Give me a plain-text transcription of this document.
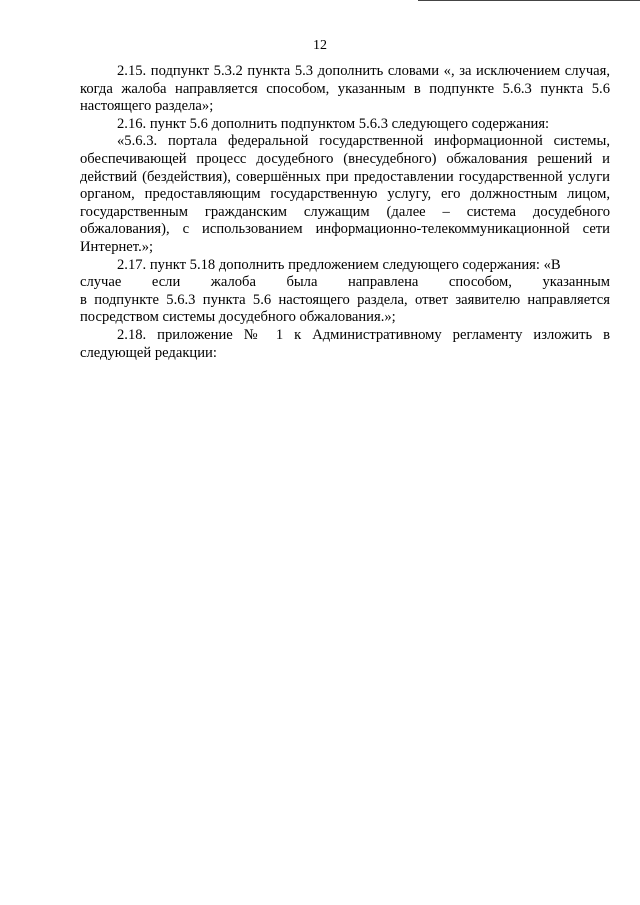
12

2.15. подпункт 5.3.2 пункта 5.3 дополнить словами «, за исключением случая, когда жалоба направляется способом, указанным в подпункте 5.6.3 пункта 5.6 настоящего раздела»;

2.16. пункт 5.6 дополнить подпунктом 5.6.3 следующего содержания:

«5.6.3. портала федеральной государственной информационной системы, обеспечивающей процесс досудебного (внесудебного) обжалования решений и действий (бездействия), совершённых при предоставлении государственной услуги органом, предоставляющим государственную услугу, его должностным лицом, государственным гражданским служащим (далее – система досудебного обжалования), с использованием информационно-телекоммуникационной сети Интернет.»;

2.17. пункт 5.18 дополнить предложением следующего содержания: «В
случае если жалоба была направлена способом, указанным
в подпункте 5.6.3 пункта 5.6 настоящего раздела, ответ заявителю направляется посредством системы досудебного обжалования.»;

2.18. приложение № 1 к Административному регламенту изложить в следующей редакции:
